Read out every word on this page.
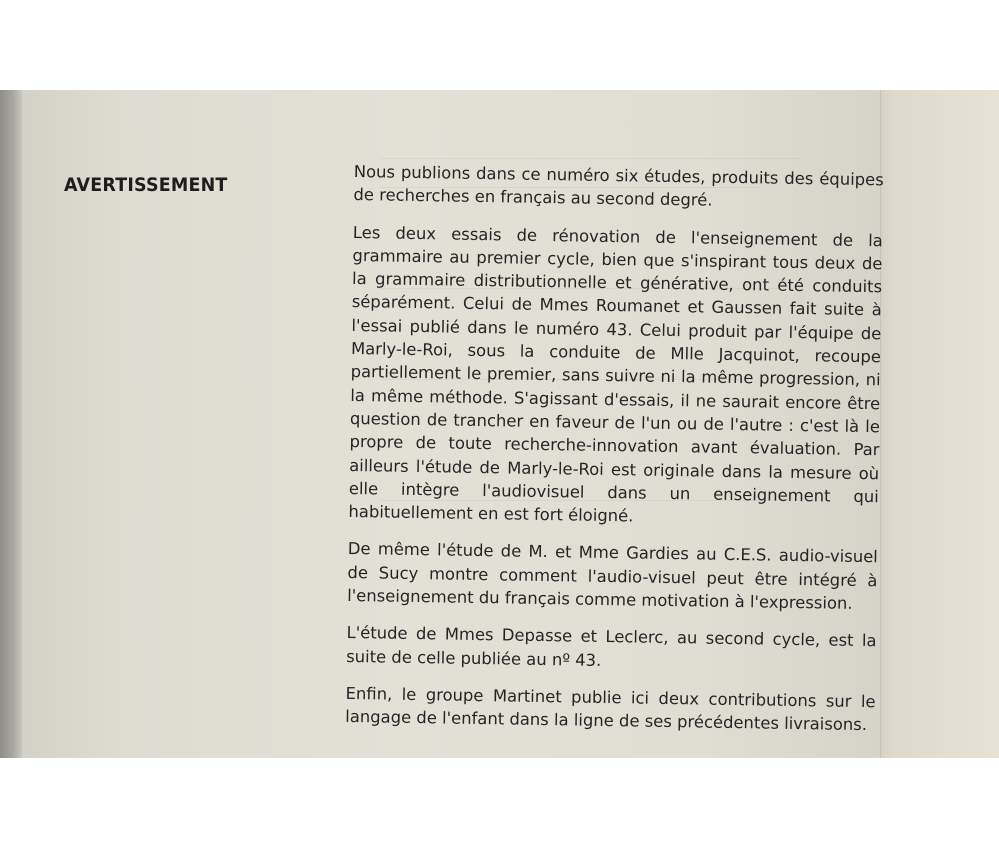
AVERTISSEMENT	Nous publions dans ce numéro six études, produits des équipes de recherches en français au second degré.

Les deux essais de rénovation de l'enseignement de la grammaire au premier cycle, bien que s'inspirant tous deux de la grammaire distributionnelle et générative, ont été conduits séparément. Celui de Mmes Roumanet et Gaussen fait suite à l'essai publié dans le numéro 43. Celui produit par l'équipe de Marly-le-Roi, sous la conduite de Mlle Jacquinot, recoupe partiellement le premier, sans suivre ni la même progression, ni la même méthode. S'agissant d'essais, il ne saurait encore être question de trancher en faveur de l'un ou de l'autre : c'est là le propre de toute recherche-innovation avant évaluation. Par ailleurs l'étude de Marly-le-Roi est originale dans la mesure où elle intègre l'audiovisuel dans un enseignement qui habituellement en est fort éloigné.

De même l'étude de M. et Mme Gardies au C.E.S. audio-visuel de Sucy montre comment l'audio-visuel peut être intégré à l'enseignement du français comme motivation à l'expression.

L'étude de Mmes Depasse et Leclerc, au second cycle, est la suite de celle publiée au nº 43.

Enfin, le groupe Martinet publie ici deux contributions sur le langage de l'enfant dans la ligne de ses précédentes livraisons.
